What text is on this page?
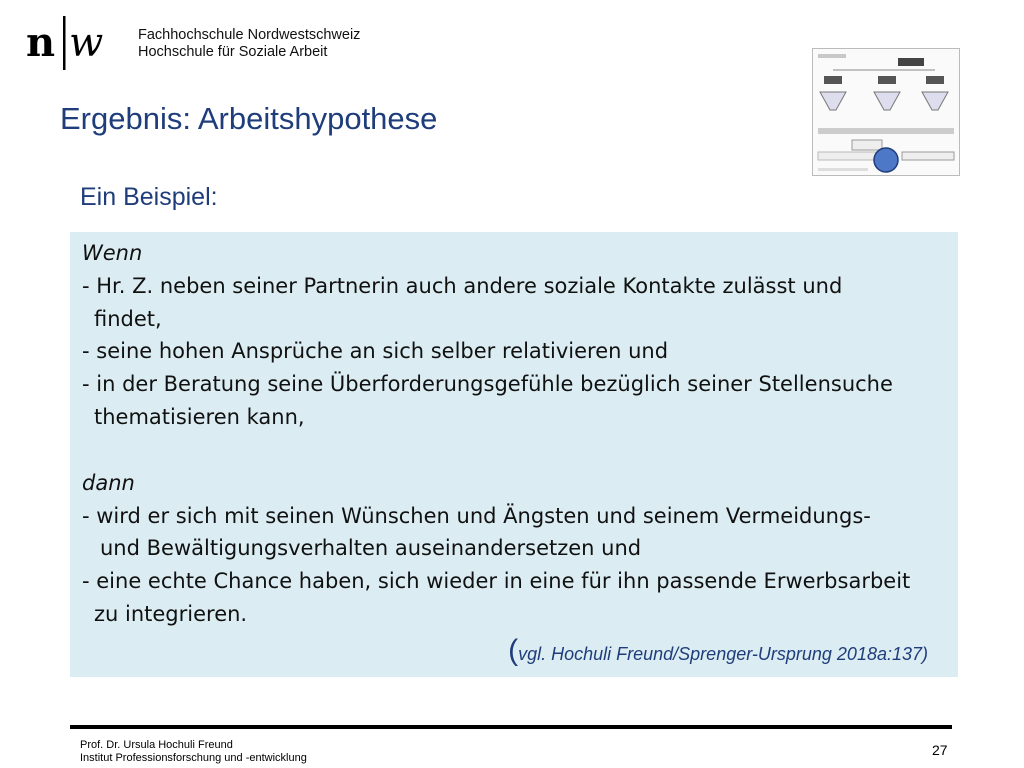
n w Fachhochschule Nordwestschweiz
Hochschule für Soziale Arbeit
Ergebnis: Arbeitshypothese
Ein Beispiel:
Wenn
- Hr. Z. neben seiner Partnerin auch andere soziale Kontakte zulässt und
findet,
- seine hohen Ansprüche an sich selber relativieren und
- in der Beratung seine Überforderungsgefühle bezüglich seiner Stellensuche
thematisieren kann,
dann
- wird er sich mit seinen Wünschen und Ängsten und seinem Vermeidungs-
und Bewältigungsverhalten auseinandersetzen und
- eine echte Chance haben, sich wieder in eine für ihn passende Erwerbsarbeit
zu integrieren.
(vgl. Hochuli Freund/Sprenger-Ursprung 2018a:137)
Prof. Dr. Ursula Hochuli Freund
Institut Professionsforschung und -entwicklung	27
